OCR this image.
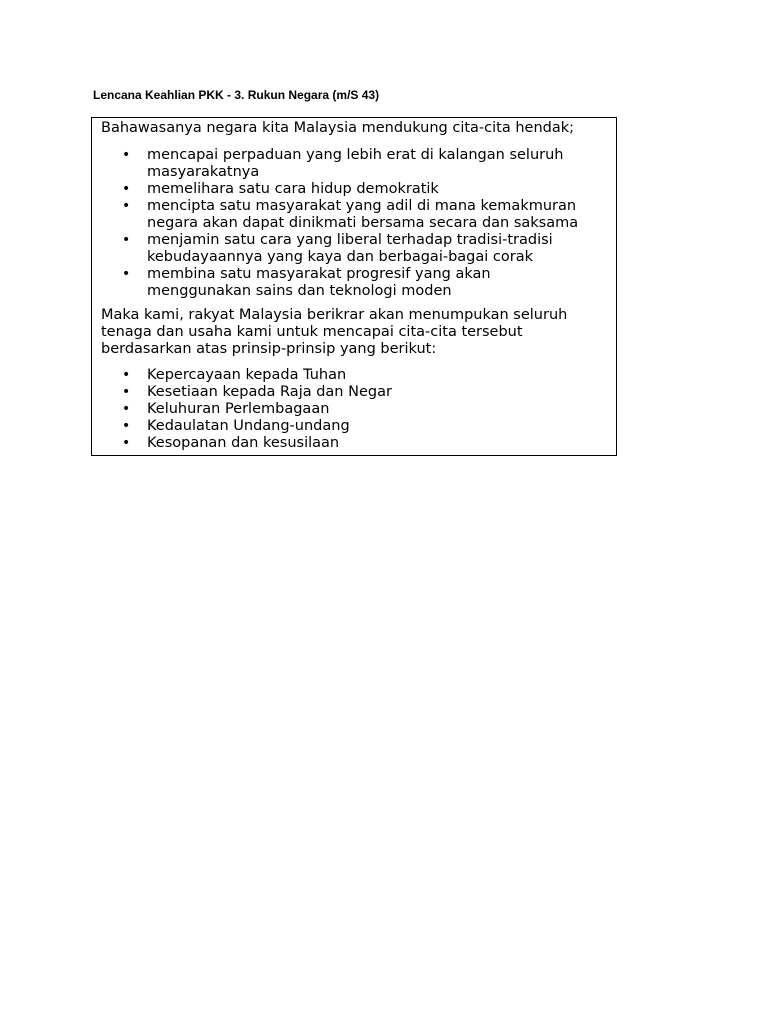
Lencana Keahlian PKK - 3. Rukun Negara (m/S 43)
Bahawasanya negara kita Malaysia mendukung cita-cita hendak;
• mencapai perpaduan yang lebih erat di kalangan seluruh masyarakatnya
• memelihara satu cara hidup demokratik
• mencipta satu masyarakat yang adil di mana kemakmuran negara akan dapat dinikmati bersama secara dan saksama
• menjamin satu cara yang liberal terhadap tradisi-tradisi kebudayaannya yang kaya dan berbagai-bagai corak
• membina satu masyarakat progresif yang akan menggunakan sains dan teknologi moden
Maka kami, rakyat Malaysia berikrar akan menumpukan seluruh tenaga dan usaha kami untuk mencapai cita-cita tersebut berdasarkan atas prinsip-prinsip yang berikut:
• Kepercayaan kepada Tuhan
• Kesetiaan kepada Raja dan Negar
• Keluhuran Perlembagaan
• Kedaulatan Undang-undang
• Kesopanan dan kesusilaan
